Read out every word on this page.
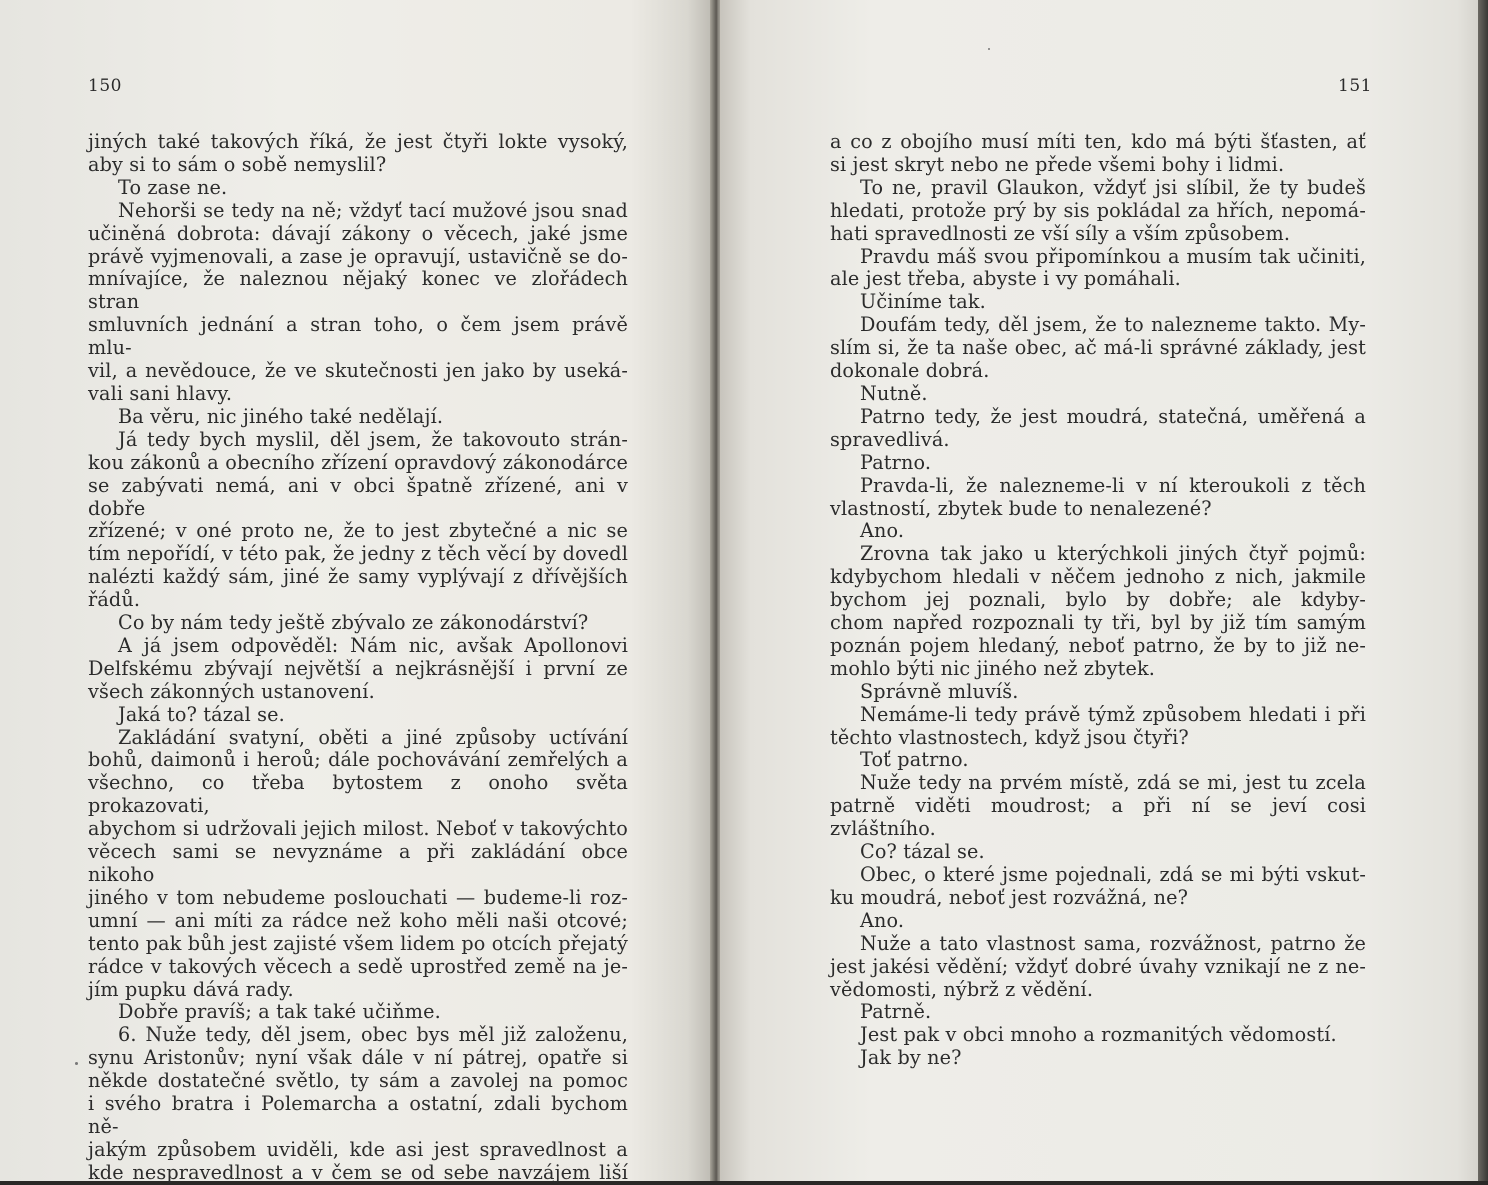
150
jiných také takových říká, že jest čtyři lokte vysoký,
aby si to sám o sobě nemyslil?
To zase ne.
Nehorši se tedy na ně; vždyť tací mužové jsou snad
učiněná dobrota: dávají zákony o věcech, jaké jsme
právě vyjmenovali, a zase je opravují, ustavičně se do-
mnívajíce, že naleznou nějaký konec ve zlořádech stran
smluvních jednání a stran toho, o čem jsem právě mlu-
vil, a nevědouce, že ve skutečnosti jen jako by useká-
vali sani hlavy.
Ba věru, nic jiného také nedělají.
Já tedy bych myslil, děl jsem, že takovouto strán-
kou zákonů a obecního zřízení opravdový zákonodárce
se zabývati nemá, ani v obci špatně zřízené, ani v dobře
zřízené; v oné proto ne, že to jest zbytečné a nic se
tím nepořídí, v této pak, že jedny z těch věcí by dovedl
nalézti každý sám, jiné že samy vyplývají z dřívějších
řádů.
Co by nám tedy ještě zbývalo ze zákonodárství?
A já jsem odpověděl: Nám nic, avšak Apollonovi
Delfskému zbývají největší a nejkrásnější i první ze
všech zákonných ustanovení.
Jaká to? tázal se.
Zakládání svatyní, oběti a jiné způsoby uctívání
bohů, daimonů i heroů; dále pochovávání zemřelých a
všechno, co třeba bytostem z onoho světa prokazovati,
abychom si udržovali jejich milost. Neboť v takovýchto
věcech sami se nevyznáme a při zakládání obce nikoho
jiného v tom nebudeme poslouchati — budeme-li roz-
umní — ani míti za rádce než koho měli naši otcové;
tento pak bůh jest zajisté všem lidem po otcích přejatý
rádce v takových věcech a sedě uprostřed země na je-
jím pupku dává rady.
Dobře pravíš; a tak také učiňme.
6. Nuže tedy, děl jsem, obec bys měl již založenu,
synu Aristonův; nyní však dále v ní pátrej, opatře si
někde dostatečné světlo, ty sám a zavolej na pomoc
i svého bratra i Polemarcha a ostatní, zdali bychom ně-
jakým způsobem uviděli, kde asi jest spravedlnost a
kde nespravedlnost a v čem se od sebe navzájem liší
151
a co z obojího musí míti ten, kdo má býti šťasten, ať
si jest skryt nebo ne přede všemi bohy i lidmi.
To ne, pravil Glaukon, vždyť jsi slíbil, že ty budeš
hledati, protože prý by sis pokládal za hřích, nepomá-
hati spravedlnosti ze vší síly a vším způsobem.
Pravdu máš svou připomínkou a musím tak učiniti,
ale jest třeba, abyste i vy pomáhali.
Učiníme tak.
Doufám tedy, děl jsem, že to nalezneme takto. My-
slím si, že ta naše obec, ač má-li správné základy, jest
dokonale dobrá.
Nutně.
Patrno tedy, že jest moudrá, statečná, uměřená a
spravedlivá.
Patrno.
Pravda-li, že nalezneme-li v ní kteroukoli z těch
vlastností, zbytek bude to nenalezené?
Ano.
Zrovna tak jako u kterýchkoli jiných čtyř pojmů:
kdybychom hledali v něčem jednoho z nich, jakmile
bychom jej poznali, bylo by dobře; ale kdyby-
chom napřed rozpoznali ty tři, byl by již tím samým
poznán pojem hledaný, neboť patrno, že by to již ne-
mohlo býti nic jiného než zbytek.
Správně mluvíš.
Nemáme-li tedy právě týmž způsobem hledati i při
těchto vlastnostech, když jsou čtyři?
Toť patrno.
Nuže tedy na prvém místě, zdá se mi, jest tu zcela
patrně viděti moudrost; a při ní se jeví cosi zvláštního.
Co? tázal se.
Obec, o které jsme pojednali, zdá se mi býti vskut-
ku moudrá, neboť jest rozvážná, ne?
Ano.
Nuže a tato vlastnost sama, rozvážnost, patrno že
jest jakési vědění; vždyť dobré úvahy vznikají ne z ne-
vědomosti, nýbrž z vědění.
Patrně.
Jest pak v obci mnoho a rozmanitých vědomostí.
Jak by ne?
